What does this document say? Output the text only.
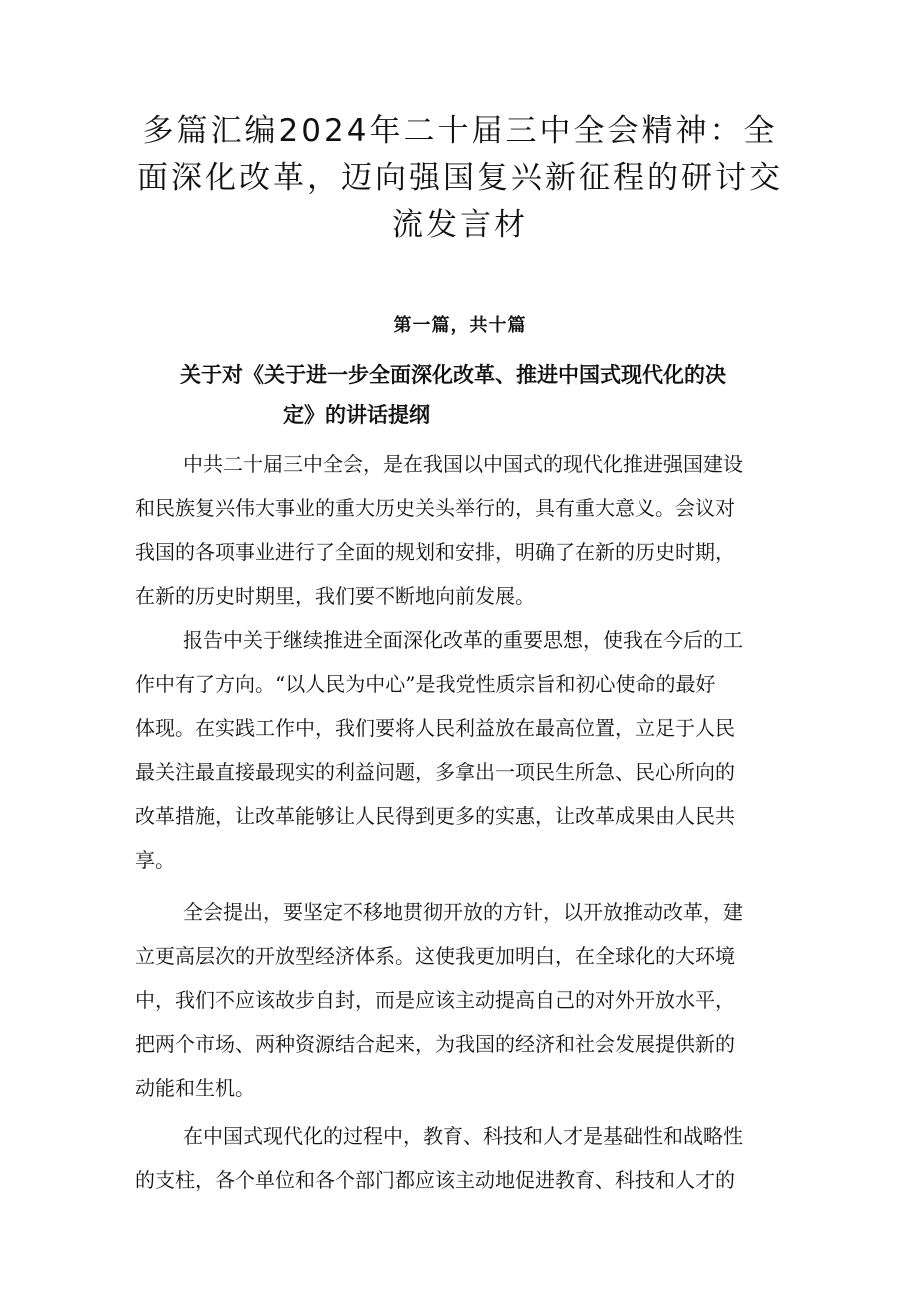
多篇汇编2024年二十届三中全会精神：全
面深化改革，迈向强国复兴新征程的研讨交
流发言材

第一篇，共十篇

关于对《关于进一步全面深化改革、推进中国式现代化的决
定》的讲话提纲

中共二十届三中全会，是在我国以中国式的现代化推进强国建设
和民族复兴伟大事业的重大历史关头举行的，具有重大意义。会议对
我国的各项事业进行了全面的规划和安排，明确了在新的历史时期，
在新的历史时期里，我们要不断地向前发展。

报告中关于继续推进全面深化改革的重要思想，使我在今后的工
作中有了方向。“以人民为中心”是我党性质宗旨和初心使命的最好
体现。在实践工作中，我们要将人民利益放在最高位置，立足于人民
最关注最直接最现实的利益问题，多拿出一项民生所急、民心所向的
改革措施，让改革能够让人民得到更多的实惠，让改革成果由人民共
享。

全会提出，要坚定不移地贯彻开放的方针，以开放推动改革，建
立更高层次的开放型经济体系。这使我更加明白，在全球化的大环境
中，我们不应该故步自封，而是应该主动提高自己的对外开放水平，
把两个市场、两种资源结合起来，为我国的经济和社会发展提供新的
动能和生机。

在中国式现代化的过程中，教育、科技和人才是基础性和战略性
的支柱，各个单位和各个部门都应该主动地促进教育、科技和人才的
